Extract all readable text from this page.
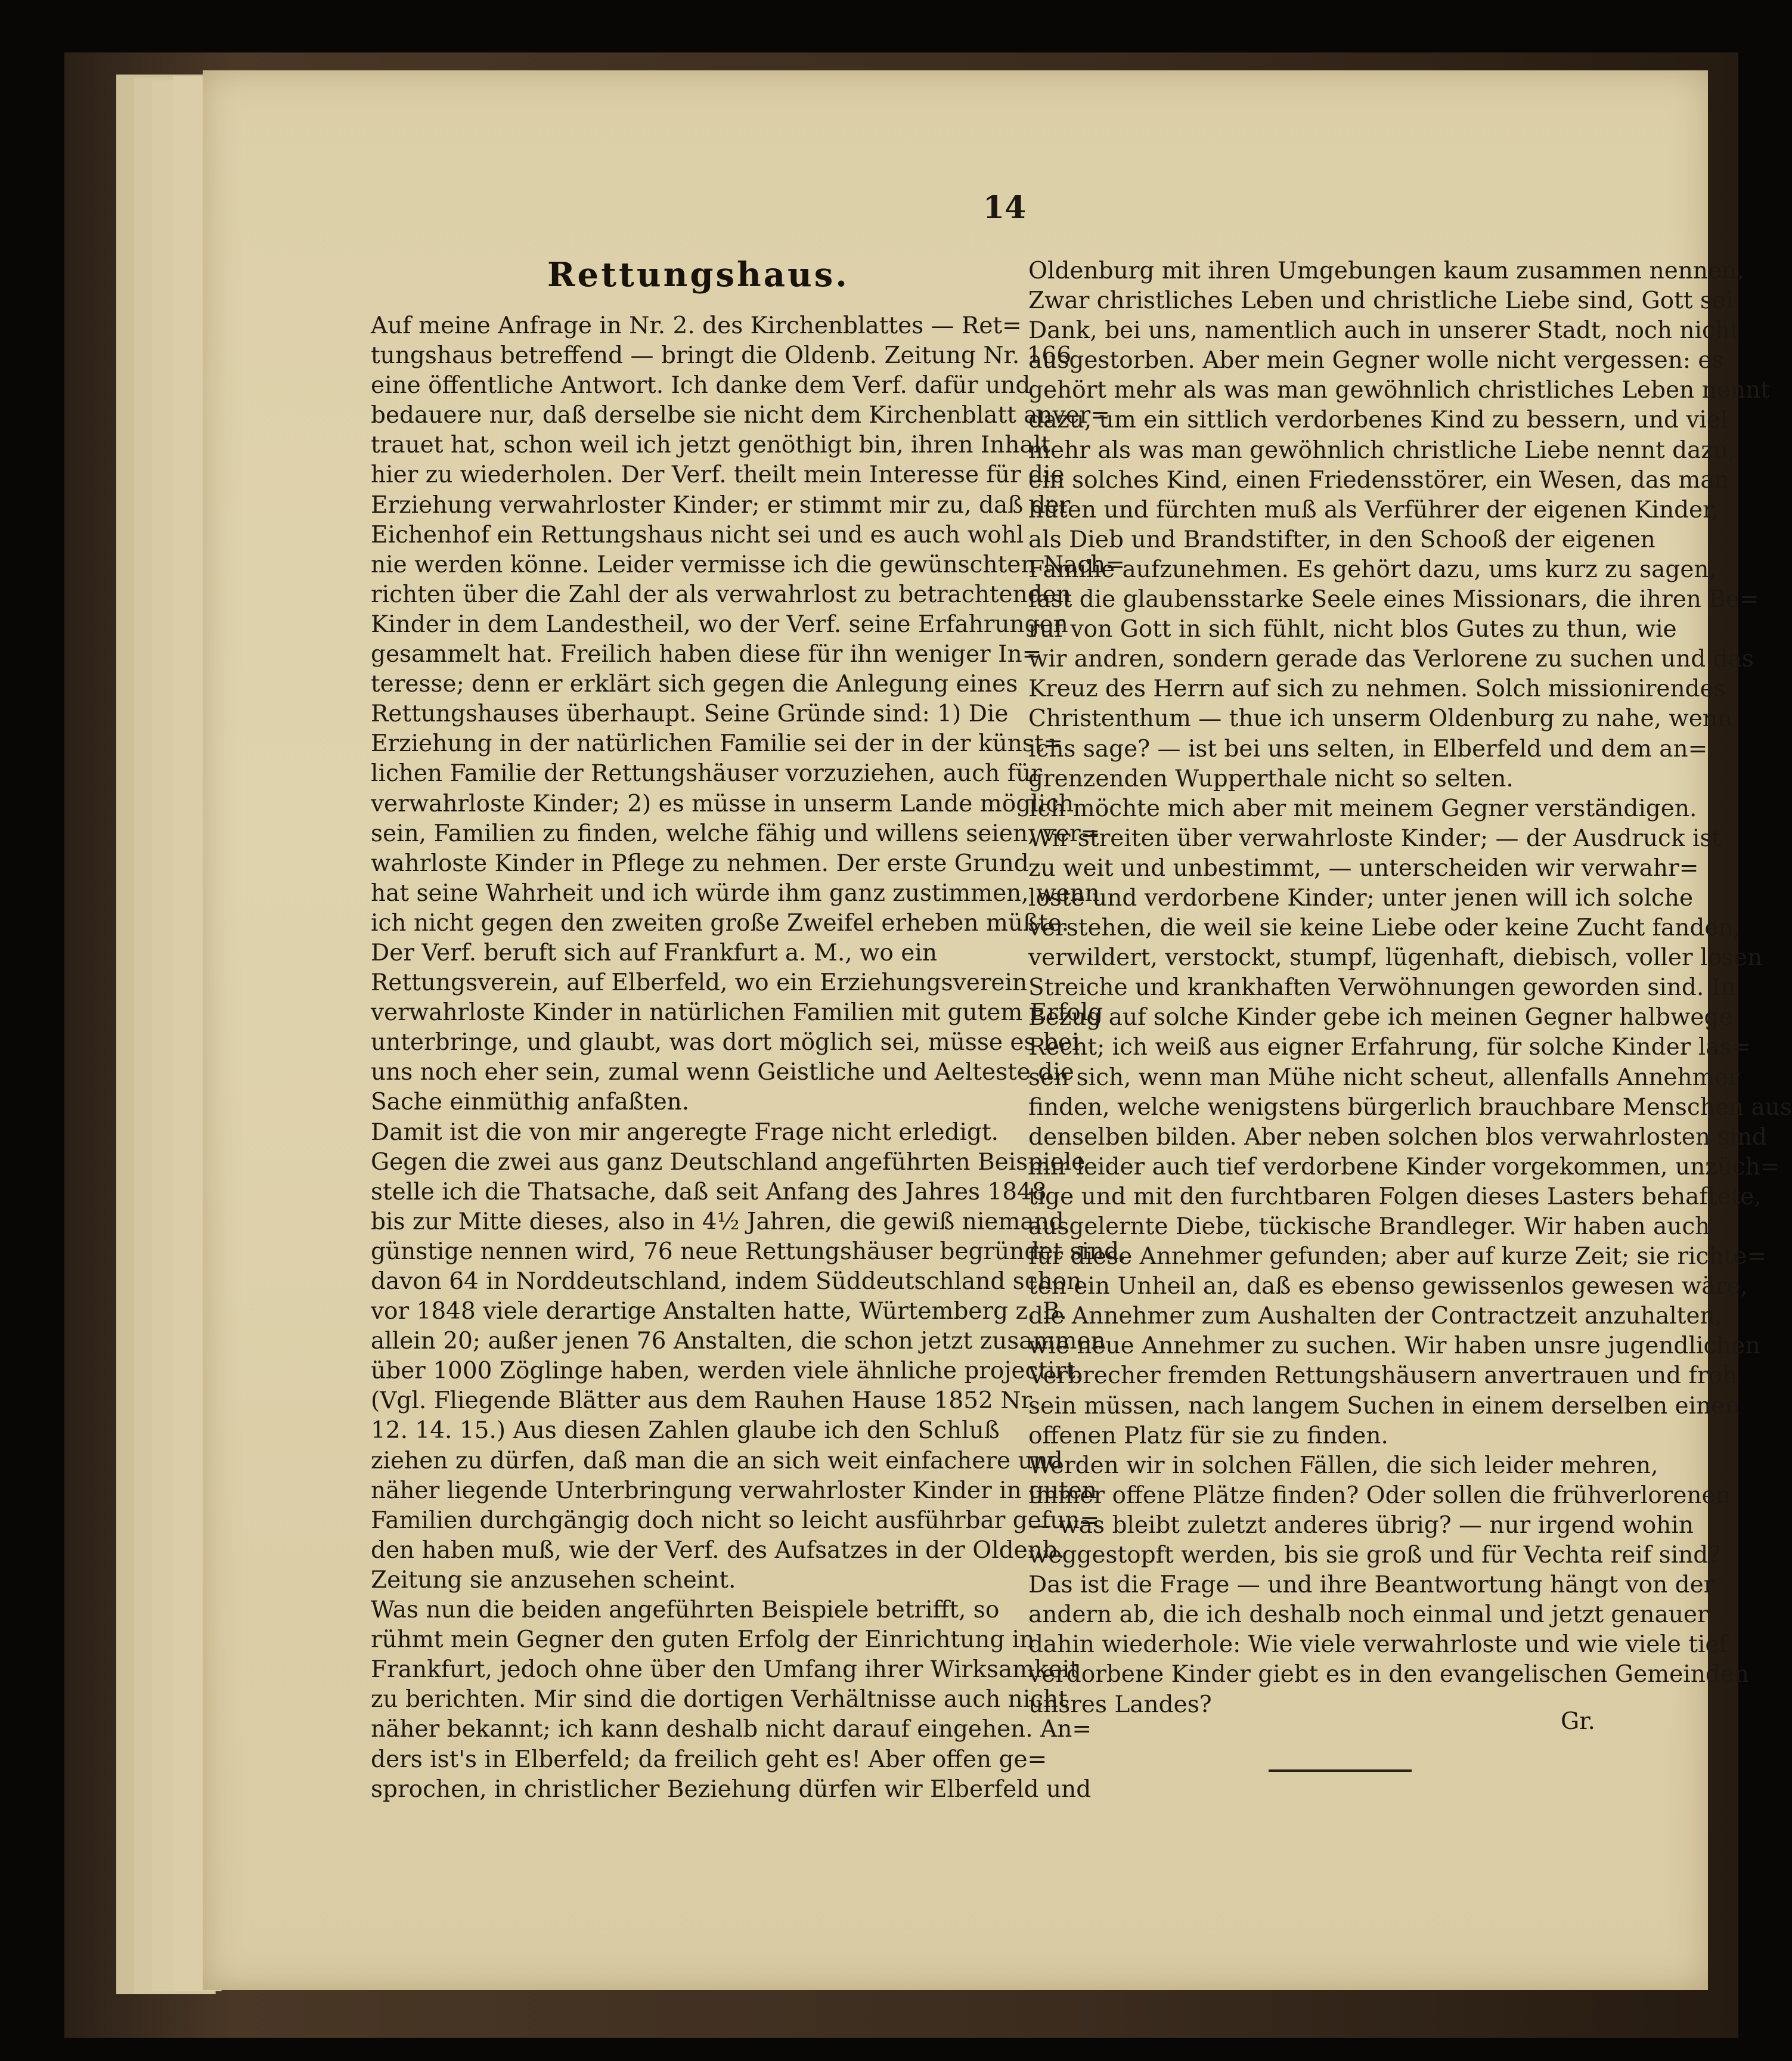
14
Rettungshaus.
Auf meine Anfrage in Nr. 2. des Kirchenblattes — Ret=
tungshaus betreffend — bringt die Oldenb. Zeitung Nr. 166
eine öffentliche Antwort. Ich danke dem Verf. dafür und
bedauere nur, daß derselbe sie nicht dem Kirchenblatt anver=
trauet hat, schon weil ich jetzt genöthigt bin, ihren Inhalt
hier zu wiederholen. Der Verf. theilt mein Interesse für die
Erziehung verwahrloster Kinder; er stimmt mir zu, daß der
Eichenhof ein Rettungshaus nicht sei und es auch wohl
nie werden könne. Leider vermisse ich die gewünschten Nach=
richten über die Zahl der als verwahrlost zu betrachtenden
Kinder in dem Landestheil, wo der Verf. seine Erfahrungen
gesammelt hat. Freilich haben diese für ihn weniger In=
teresse; denn er erklärt sich gegen die Anlegung eines
Rettungshauses überhaupt. Seine Gründe sind: 1) Die
Erziehung in der natürlichen Familie sei der in der künst=
lichen Familie der Rettungshäuser vorzuziehen, auch für
verwahrloste Kinder; 2) es müsse in unserm Lande möglich
sein, Familien zu finden, welche fähig und willens seien, ver=
wahrloste Kinder in Pflege zu nehmen. Der erste Grund
hat seine Wahrheit und ich würde ihm ganz zustimmen, wenn
ich nicht gegen den zweiten große Zweifel erheben müßte.
Der Verf. beruft sich auf Frankfurt a. M., wo ein
Rettungsverein, auf Elberfeld, wo ein Erziehungsverein
verwahrloste Kinder in natürlichen Familien mit gutem Erfolg
unterbringe, und glaubt, was dort möglich sei, müsse es bei
uns noch eher sein, zumal wenn Geistliche und Aelteste die
Sache einmüthig anfaßten.
Damit ist die von mir angeregte Frage nicht erledigt.
Gegen die zwei aus ganz Deutschland angeführten Beispiele
stelle ich die Thatsache, daß seit Anfang des Jahres 1848
bis zur Mitte dieses, also in 4½ Jahren, die gewiß niemand
günstige nennen wird, 76 neue Rettungshäuser begründet sind,
davon 64 in Norddeutschland, indem Süddeutschland schon
vor 1848 viele derartige Anstalten hatte, Würtemberg z. B.
allein 20; außer jenen 76 Anstalten, die schon jetzt zusammen
über 1000 Zöglinge haben, werden viele ähnliche projectirt.
(Vgl. Fliegende Blätter aus dem Rauhen Hause 1852 Nr.
12. 14. 15.) Aus diesen Zahlen glaube ich den Schluß
ziehen zu dürfen, daß man die an sich weit einfachere und
näher liegende Unterbringung verwahrloster Kinder in guten
Familien durchgängig doch nicht so leicht ausführbar gefun=
den haben muß, wie der Verf. des Aufsatzes in der Oldenb.
Zeitung sie anzusehen scheint.
Was nun die beiden angeführten Beispiele betrifft, so
rühmt mein Gegner den guten Erfolg der Einrichtung in
Frankfurt, jedoch ohne über den Umfang ihrer Wirksamkeit
zu berichten. Mir sind die dortigen Verhältnisse auch nicht
näher bekannt; ich kann deshalb nicht darauf eingehen. An=
ders ist's in Elberfeld; da freilich geht es! Aber offen ge=
sprochen, in christlicher Beziehung dürfen wir Elberfeld und
Oldenburg mit ihren Umgebungen kaum zusammen nennen.
Zwar christliches Leben und christliche Liebe sind, Gott sei
Dank, bei uns, namentlich auch in unserer Stadt, noch nicht
ausgestorben. Aber mein Gegner wolle nicht vergessen: es
gehört mehr als was man gewöhnlich christliches Leben nennt
dazu, um ein sittlich verdorbenes Kind zu bessern, und viel
mehr als was man gewöhnlich christliche Liebe nennt dazu,
ein solches Kind, einen Friedensstörer, ein Wesen, das man
hüten und fürchten muß als Verführer der eigenen Kinder,
als Dieb und Brandstifter, in den Schooß der eigenen
Familie aufzunehmen. Es gehört dazu, ums kurz zu sagen,
fast die glaubensstarke Seele eines Missionars, die ihren Be=
ruf von Gott in sich fühlt, nicht blos Gutes zu thun, wie
wir andren, sondern gerade das Verlorene zu suchen und das
Kreuz des Herrn auf sich zu nehmen. Solch missionirendes
Christenthum — thue ich unserm Oldenburg zu nahe, wenn
ichs sage? — ist bei uns selten, in Elberfeld und dem an=
grenzenden Wupperthale nicht so selten.
Ich möchte mich aber mit meinem Gegner verständigen.
Wir streiten über verwahrloste Kinder; — der Ausdruck ist
zu weit und unbestimmt, — unterscheiden wir verwahr=
loste und verdorbene Kinder; unter jenen will ich solche
verstehen, die weil sie keine Liebe oder keine Zucht fanden,
verwildert, verstockt, stumpf, lügenhaft, diebisch, voller losen
Streiche und krankhaften Verwöhnungen geworden sind. In
Bezug auf solche Kinder gebe ich meinen Gegner halbwege
Recht; ich weiß aus eigner Erfahrung, für solche Kinder las=
sen sich, wenn man Mühe nicht scheut, allenfalls Annehmer
finden, welche wenigstens bürgerlich brauchbare Menschen aus
denselben bilden. Aber neben solchen blos verwahrlosten sind
mir leider auch tief verdorbene Kinder vorgekommen, unzüch=
tige und mit den furchtbaren Folgen dieses Lasters behaftete,
ausgelernte Diebe, tückische Brandleger. Wir haben auch
für diese Annehmer gefunden; aber auf kurze Zeit; sie richte=
ten ein Unheil an, daß es ebenso gewissenlos gewesen wäre,
die Annehmer zum Aushalten der Contractzeit anzuhalten,
wie neue Annehmer zu suchen. Wir haben unsre jugendlichen
Verbrecher fremden Rettungshäusern anvertrauen und froh
sein müssen, nach langem Suchen in einem derselben einen
offenen Platz für sie zu finden.
Werden wir in solchen Fällen, die sich leider mehren,
immer offene Plätze finden? Oder sollen die frühverlorenen
— was bleibt zuletzt anderes übrig? — nur irgend wohin
weggestopft werden, bis sie groß und für Vechta reif sind?
Das ist die Frage — und ihre Beantwortung hängt von der
andern ab, die ich deshalb noch einmal und jetzt genauer
dahin wiederhole: Wie viele verwahrloste und wie viele tief
verdorbene Kinder giebt es in den evangelischen Gemeinden
unsres Landes?
Gr.
